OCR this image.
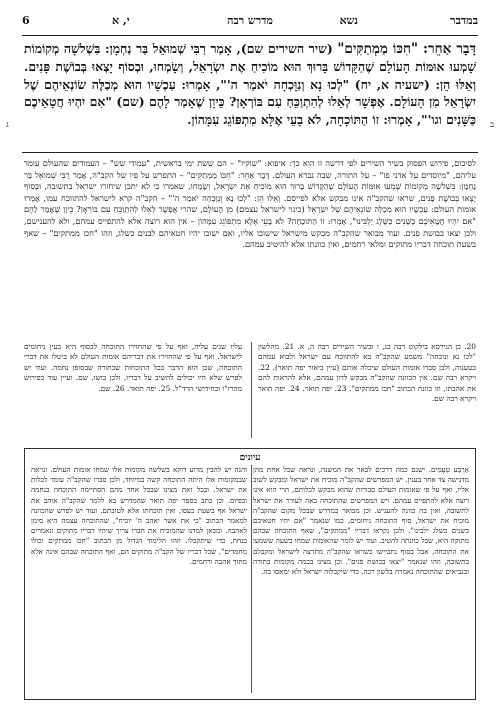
במדבר
מדרש רבה	נשא
6	י, א
דָּבָר אַחֵר: "חִכּוֹ מַמְתַקִּים" (שיר השירים שם), אָמַר רַבִּי שְׁמוּאֵל בַּר נַחְמָן: בִּשְׁלשָׁה מְקוֹמוֹת שָׁמְעוּ אוּמּוֹת הָעוֹלָם שֶׁהַקָּדוֹשׁ בָּרוּךְ הוּא מוֹכִיחַ אֶת יִשְׂרָאֵל, וְשָׂמְחוּ, וּבְסוֹף יָצְאוּ בְּבוֹשֶׁת פָּנִים. וְאֵלּוּ הֵן: (ישעיה א, יח) "לְכוּ נָא וְנִוָּכְחָה יֹאמַר ה'", אָמְרוּ: עַכְשָׁיו הוּא מְכַלֶּה שׂוֹנְאֵיהֶם שֶׁל יִשְׂרָאֵל מִן הָעוֹלָם. אֶפְשָׁר לְאֵלוּ לְהִתְוַכֵּחַ עִם בּוֹרְאָן? כֵּיוָן שֶׁאָמַר לָהֶם (שם) "אִם יִהְיוּ חֲטָאֵיכֶם כַּשָּׁנִים וגו'", אָמְרוּ: זוֹ הַתּוֹכָחָה, לֹא בָעֵי אֶלָּא מִתְפּוֹגֵג עִמָּהוֹן.
ג	ב
לסיכום, פירוש הפסוק בשיר השירים לפי דרשה זו הוא כך: איפוא: "שוקיו" – הם ששת ימי בראשית, "עמודי שש" – העמודים שהעולם עומד עליהם, "מיוסדים על אדני פז" – על התורה, שבה נברא העולם. דָּבָר אַחֵר: "חִכּוֹ מַמְתַקִּים" – התפרש על פיו של הקב"ה, אָמַר רַבִּי שְׁמוּאֵל בַּר נַחְמָן: בִּשְׁלשָׁה מְקוֹמוֹת שָׁמְעוּ אוּמּוֹת הָעוֹלָם שֶׁהַקָּדוֹשׁ בָּרוּךְ הוּא מוֹכִיחַ אֶת יִשְׂרָאֵל, וְשָׂמְחוּ, שאמרו כי לא יתכן שיחזרו ישראל בתשובה, וּבְסוֹף יָצְאוּ בְּבוֹשֶׁת פָּנִים, שראו שהקב"ה אינו מבקש אלא לפייסם. וְאֵלּוּ הֵן: "לְכוּ נָא וְנִוָּכְחָה יֹאמַר ה'" – הקב"ה קרא לישראל להתווכח עמו, אָמְרוּ אומות העולם: עַכְשָׁיו הוּא מְכַלֶּה שׂוֹנְאֵיהֶם שֶׁל יִשְׂרָאֵל (כינוי לישראל עצמם) מִן הָעוֹלָם, שהרי אֶפְשָׁר לְאֵלוּ לְהִתְוַכֵּחַ עִם בּוֹרְאָן? כֵּיוָן שֶׁאָמַר לָהֶם "אִם יִהְיוּ חֲטָאֵיכֶם כַּשָּׁנִים כַּשֶּׁלֶג יַלְבִּינוּ", אָמְרוּ: זוֹ הַתּוֹכָחָה? לֹא בָעֵי אֶלָּא מִתְפּוֹגֵג עִמָּהוֹן – אין הוא רוצה אלא להתפייס עמהם, ולא להענישם, ולכן יצאו בבושת פנים. ועוד מבואר שהקב"ה מבקש מישראל שישובו אליו, ואם ישובו יהיו חטאיהם לבנים כשלג, וזהו "חכו ממתקים" – שאף בשעת תוכחה דבריו מתוקים ומלאי רחמים, ואין כוונתו אלא להיטיב עמהם.
20. כן הגירסא בילקוט רבה כג, ו ובשיר השירים רבה ה, א. 21. מהלשון "לכו נא ונוכחה" משמע שהקב"ה בא להתווכח עם ישראל ולבוא עמהם בטענות, ולכן סברו אומות העולם שיכלה אותם (עיין ביאור יפה תואר). 22. ויקרא רבה שם. אין הכוונה שהקב"ה מבקש לדון עמהם, אלא להראות להם את אהבתו, וזו כוונת הכתוב "חכו ממתקים". 23. יפה תואר. 24. יפה תואר ויקרא רבה שם.
עליו שנים עליה, ואף על פי שהחזירו התוכחה לבסוף היא כעין ניחומים לישראל. ואף על פי שהחזירו את דבריהם אומות העולם לא ביטלו את דברי התוכחה, שכן הוא הדבר בכל התוכחות שבתורה שבסופן נחמה. ועוד יש לפרש שלא היו יכולים להשיב על דבריו, ולכן בושו. שם. ועיין עוד בפירוש מהרז"ו ובחידושי הרד"ל. 25. יפה תואר. 26. שם.
עיונים
אַרְבַּע טְעָמִים. ישנם כמה דרכים לבאר את המשנה, ונראה שכל אחת מהן מדגישה צד אחר בענין. יש המפרשים שהקב"ה מוכיח את ישראל ומבקש לשוב אליו, ואף על פי שאומות העולם סבורות שהוא מבקש לכלותם, הרי הוא אינו רוצה אלא להתפייס עמהם. ויש המפרשים שהתוכחה באה לעורר את ישראל לתשובה, ואין בה כוונה להעניש. וכן מבואר במדרש שבכל מקום שהקב"ה מוכיח את ישראל, סוף התוכחה ניחומים, כמו שנאמר "אם יהיו חטאיכם כשנים כשלג ילבינו". ולכן נקראו דבריו "ממתקים", שאף התוכחה שבהם מתוקה היא, שכל כוונתה להטיב. ועוד יש לומר שהאומות שמחו בשעה ששמעו את התוכחה, אבל בסוף נתביישו כשראו שהקב"ה מתרצה לישראל ומקבלם בתשובה, וזהו שנאמר "יצאו בבושת פנים". וכן מצינו בכמה מקומות בתורה ובנביאים שהתוכחה נאמרה בלשון רכה, כדי שיקבלוה ישראל ולא ימאסו בה.
והנה יש להבין מדוע דוקא בשלשה מקומות אלו שמחו אומות העולם. ונראה שבמקומות אלו היתה התוכחה קשה במיוחד, ולכן סברו שהקב"ה עומד לכלות את ישראל. ובכל זאת מצינו שבכל אחד מהם הסתיימה התוכחה בנחמה ובפיוס. וכן כתב בספר יפה תואר שהמדרש בא ללמד שהקב"ה אוהב את ישראל אף בשעת כעסו, ואין תוכחתו אלא לטובתם. ועוד יש לפרש שהכוונה למאמר הכתוב "כי את אשר יאהב ה' יוכיח", שהתוכחה עצמה היא סימן לאהבה. ומכאן למדנו שהמוכיח את חברו צריך שיהיו דבריו מתוקים ונאמרים בנחת, כדי שיתקבלו. וזהו הלימוד הגדול מן הכתוב "חכו ממתקים וכולו מחמדים", שכל דבריו של הקב"ה מתוקים הם, ואף התוכחה שבהם אינה אלא מתוך אהבה ורחמים.
